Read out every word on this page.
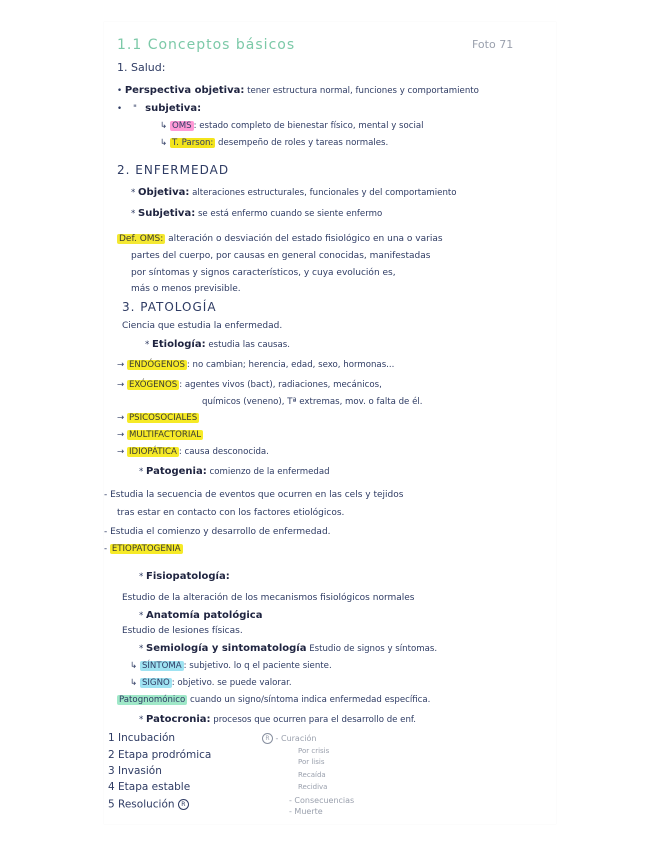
1.1 Conceptos básicos	Foto 71
1. Salud:
• Perspectiva objetiva: tener estructura normal, funciones y comportamiento
•    " subjetiva:
↳ OMS : estado completo de bienestar físico, mental y social
↳ T. Parson: desempeño de roles y tareas normales.
2. ENFERMEDAD
* Objetiva: alteraciones estructurales, funcionales y del comportamiento
* Subjetiva: se está enfermo cuando se siente enfermo
Def. OMS: alteración o desviación del estado fisiológico en una o varias
partes del cuerpo, por causas en general conocidas, manifestadas
por síntomas y signos característicos, y cuya evolución es,
más o menos previsible.
3. PATOLOGÍA
Ciencia que estudia la enfermedad.
* Etiología: estudia las causas.
→ ENDÓGENOS : no cambian; herencia, edad, sexo, hormonas...
→ EXÓGENOS : agentes vivos (bact), radiaciones, mecánicos,
químicos (veneno), Tª extremas, mov. o falta de él.
→ PSICOSOCIALES
→ MULTIFACTORIAL
→ IDIOPÁTICA : causa desconocida.
* Patogenia: comienzo de la enfermedad
- Estudia la secuencia de eventos que ocurren en las cels y tejidos
tras estar en contacto con los factores etiológicos.
- Estudia el comienzo y desarrollo de enfermedad.
- ETIOPATOGENIA
* Fisiopatología:
Estudio de la alteración de los mecanismos fisiológicos normales
* Anatomía patológica
Estudio de lesiones físicas.
* Semiología y sintomatología Estudio de signos y síntomas.
↳ SÍNTOMA : subjetivo. lo q el paciente siente.
↳ SIGNO : objetivo. se puede valorar.
Patognomónico cuando un signo/síntoma indica enfermedad específica.
* Patocronia: procesos que ocurren para el desarrollo de enf.
1 Incubación
2 Etapa prodrómica
3 Invasión
4 Etapa estable
5 Resolución R
R - Curación
Por crisis
Por lisis
Recaída
Recidiva
- Consecuencias
- Muerte
